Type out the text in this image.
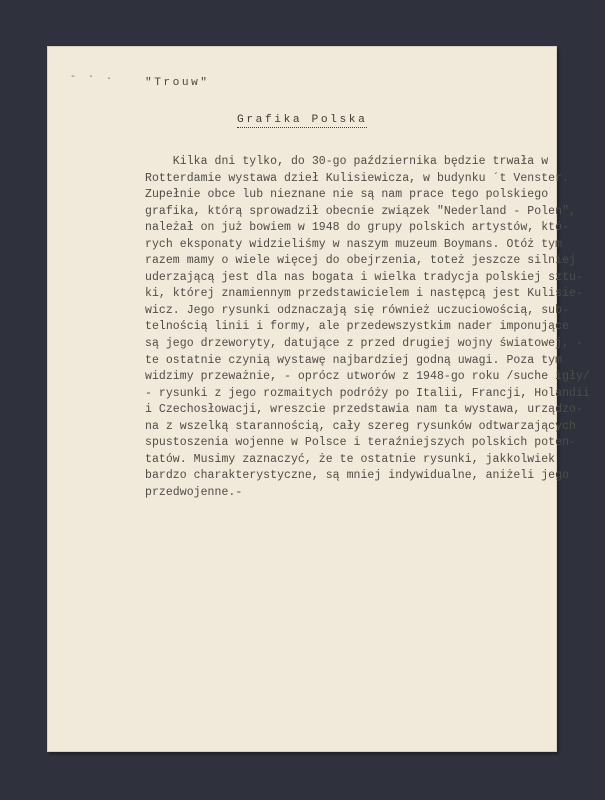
- · .	"Trouw"
Grafika Polska
Kilka dni tylko, do 30-go października będzie trwała w
Rotterdamie wystawa dzieł Kulisiewicza, w budynku ´t Venster.
Zupełnie obce lub nieznane nie są nam prace tego polskiego
grafika, którą sprowadził obecnie związek "Nederland - Polen",
należał on już bowiem w 1948 do grupy polskich artystów, któ-
rych eksponaty widzieliśmy w naszym muzeum Boymans. Otóż tym
razem mamy o wiele więcej do obejrzenia, toteż jeszcze silniej
uderzającą jest dla nas bogata i wielka tradycja polskiej sztu-
ki, której znamiennym przedstawicielem i następcą jest Kulisie-
wicz. Jego rysunki odznaczają się również uczuciowością, sub-
telnością linii i formy, ale przedewszystkim nader imponujące
są jego drzeworyty, datujące z przed drugiej wojny światowej, -
te ostatnie czynią wystawę najbardziej godną uwagi. Poza tym
widzimy przeważnie, - oprócz utworów z 1948-go roku /suche igły/
- rysunki z jego rozmaitych podróży po Italii, Francji, Holandii
i Czechosłowacji, wreszcie przedstawia nam ta wystawa, urządzo-
na z wszelką starannością, cały szereg rysunków odtwarzających
spustoszenia wojenne w Polsce i teraźniejszych polskich poten-
tatów. Musimy zaznaczyć, że te ostatnie rysunki, jakkolwiek
bardzo charakterystyczne, są mniej indywidualne, aniżeli jego
przedwojenne.-
